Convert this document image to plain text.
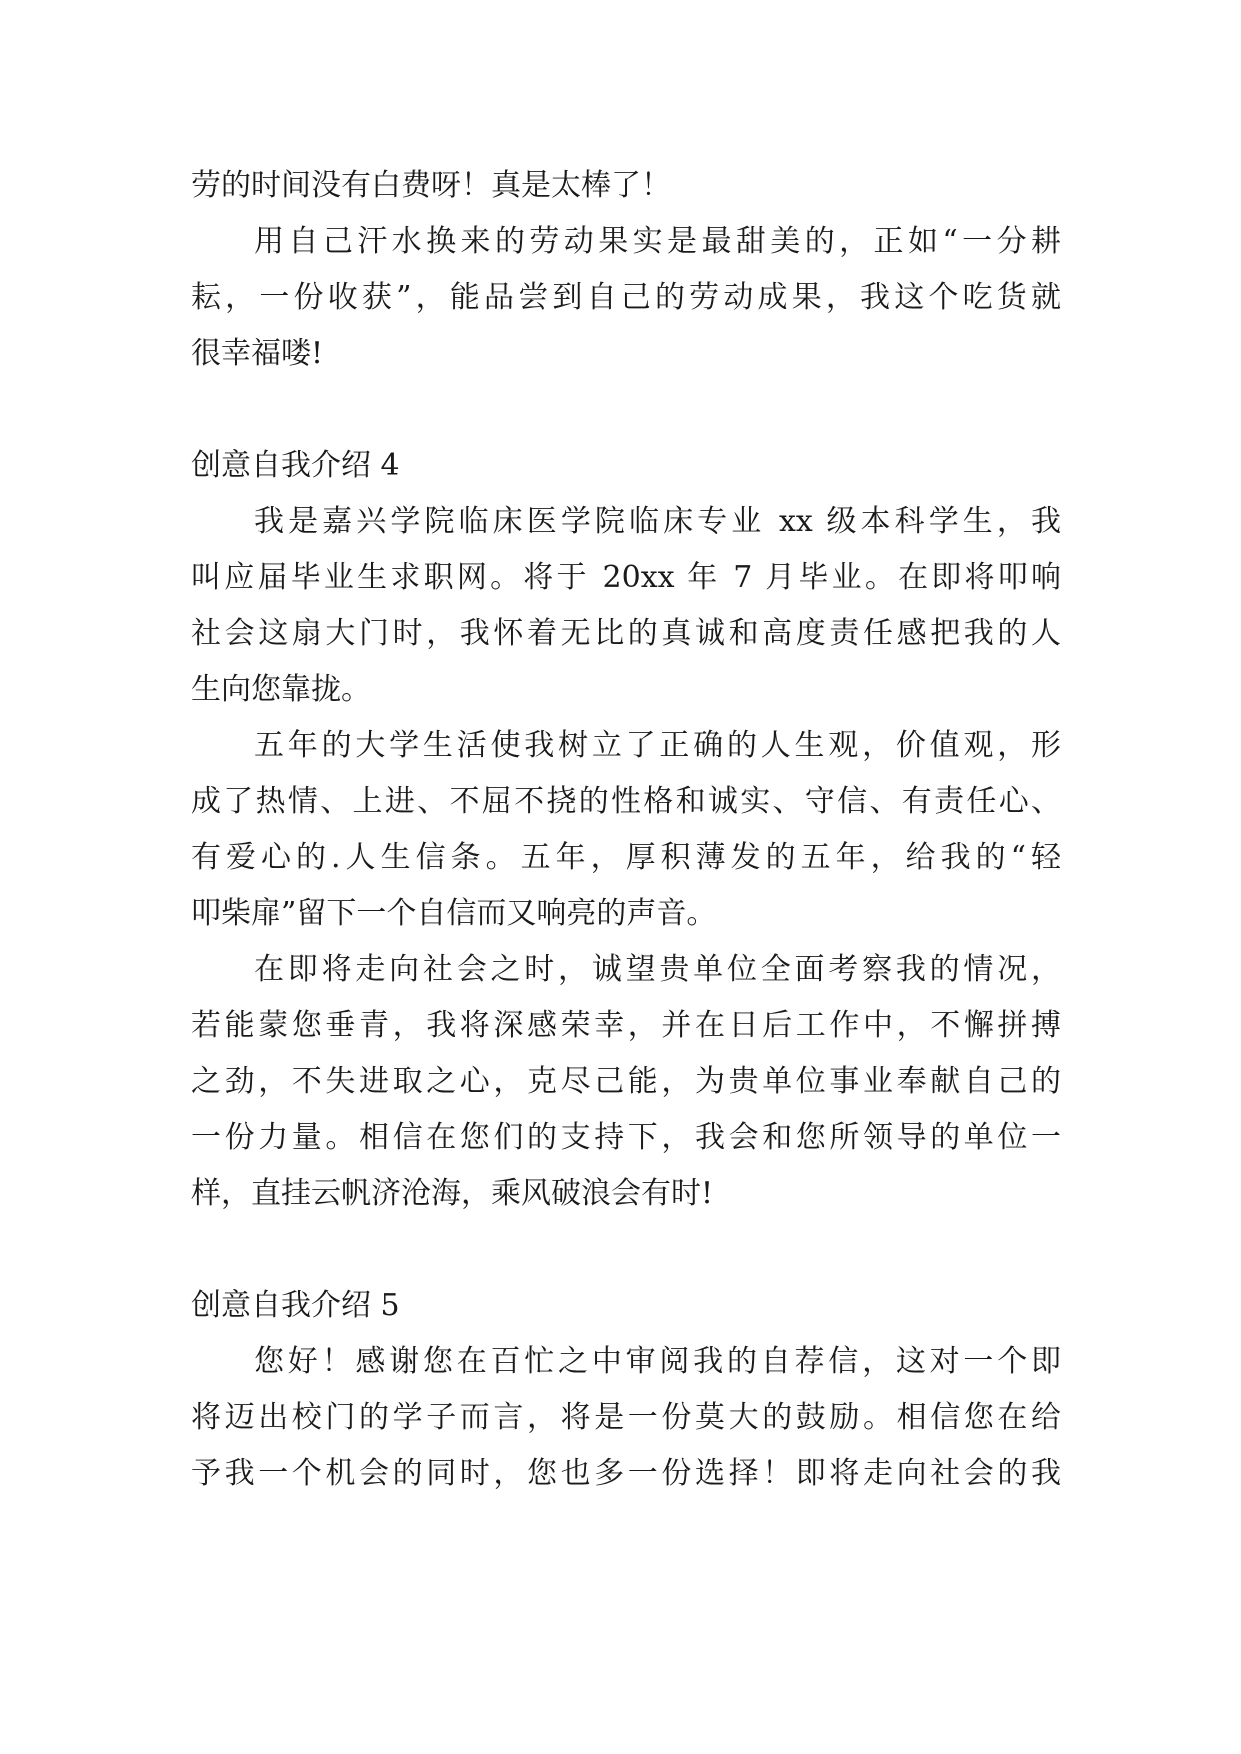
劳的时间没有白费呀！真是太棒了！
用自己汗水换来的劳动果实是最甜美的，正如“一分耕
耘，一份收获”，能品尝到自己的劳动成果，我这个吃货就
很幸福喽!
创意自我介绍 4
我是嘉兴学院临床医学院临床专业 xx 级本科学生，我
叫应届毕业生求职网。将于 20xx 年 7 月毕业。在即将叩响
社会这扇大门时，我怀着无比的真诚和高度责任感把我的人
生向您靠拢。
五年的大学生活使我树立了正确的人生观，价值观，形
成了热情、上进、不屈不挠的性格和诚实、守信、有责任心、
有爱心的.人生信条。五年，厚积薄发的五年，给我的“轻
叩柴扉”留下一个自信而又响亮的声音。
在即将走向社会之时，诚望贵单位全面考察我的情况，
若能蒙您垂青，我将深感荣幸，并在日后工作中，不懈拼搏
之劲，不失进取之心，克尽己能，为贵单位事业奉献自己的
一份力量。相信在您们的支持下，我会和您所领导的单位一
样，直挂云帆济沧海，乘风破浪会有时!
创意自我介绍 5
您好！感谢您在百忙之中审阅我的自荐信，这对一个即
将迈出校门的学子而言，将是一份莫大的鼓励。相信您在给
予我一个机会的同时，您也多一份选择！即将走向社会的我
